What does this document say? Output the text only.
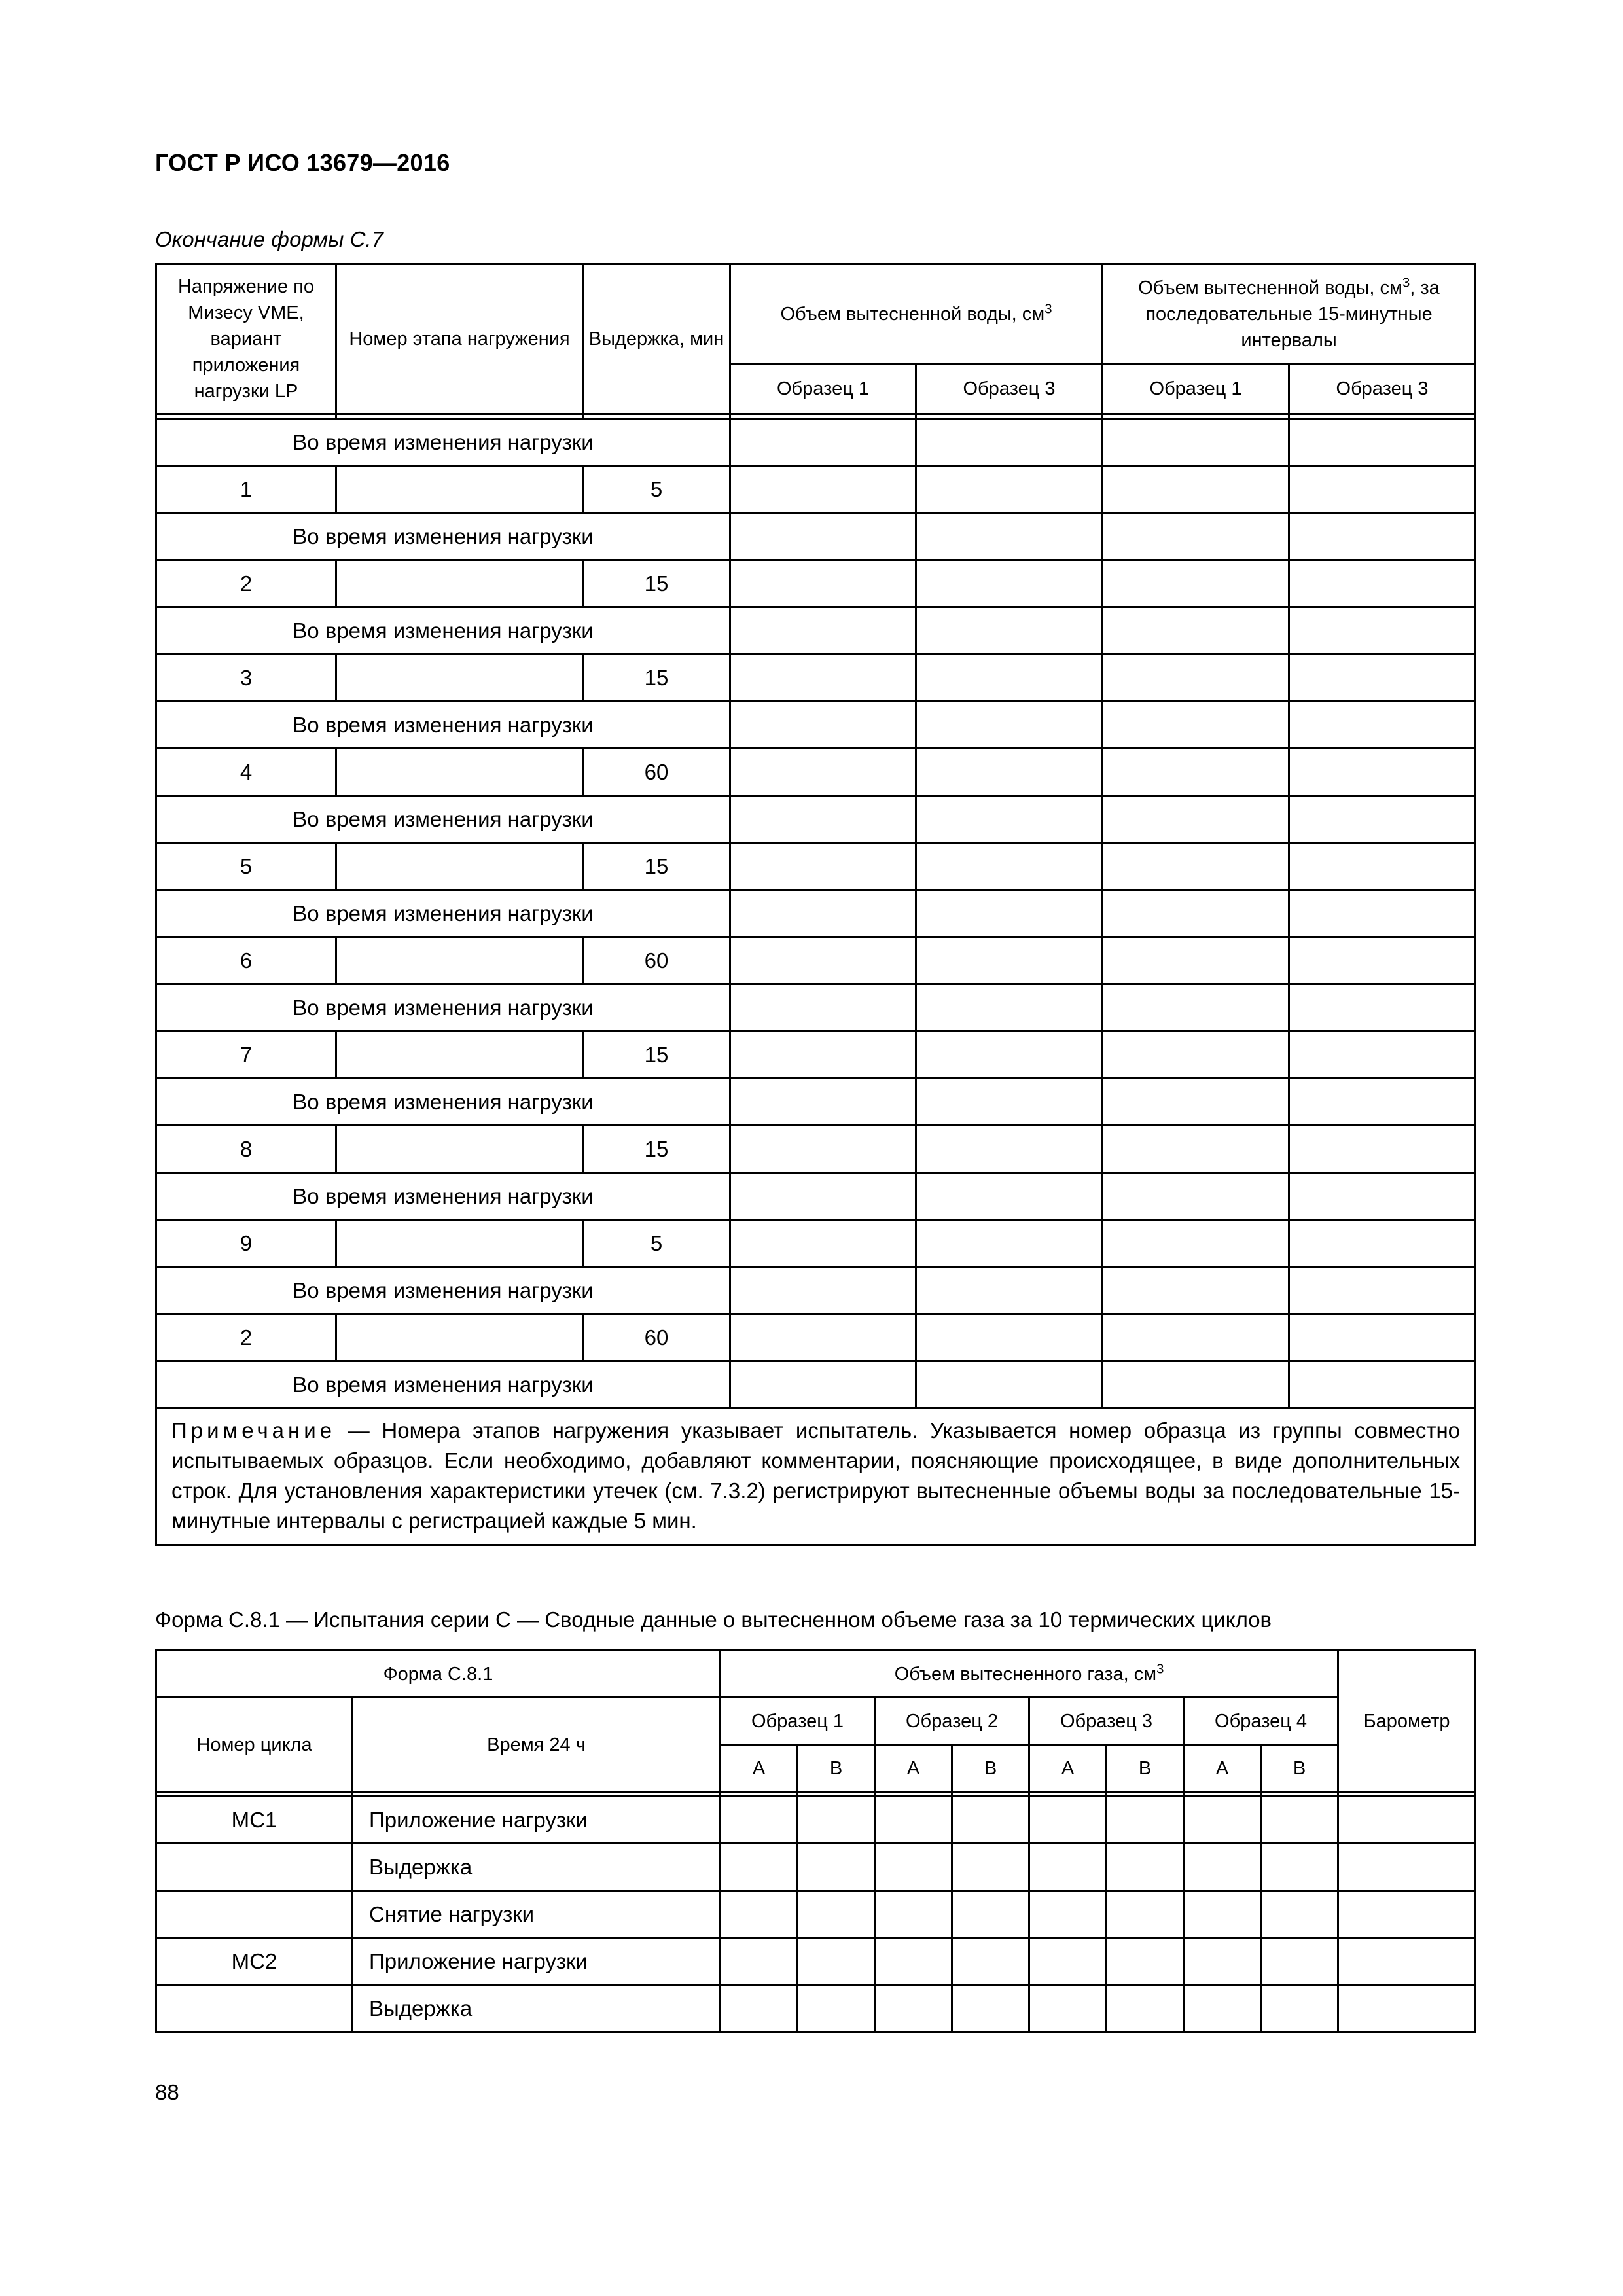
ГОСТ Р ИСО 13679—2016
Окончание формы С.7
Напряжение по Мизесу VME, вариант приложения нагрузки LP	Номер этапа нагружения	Выдержка, мин	Объем вытесненной воды, $см^3$		Объем вытесненной воды, $см^3$, за последовательные 15-минутные интервалы	
			Образец 1	Образец 3	Образец 1	Образец 3

Во время изменения нагрузки						
1		5				
Во время изменения нагрузки						
2		15				
Во время изменения нагрузки						
3		15				
Во время изменения нагрузки						
4		60				
Во время изменения нагрузки						
5		15				
Во время изменения нагрузки						
6		60				
Во время изменения нагрузки						
7		15				
Во время изменения нагрузки						
8		15				
Во время изменения нагрузки						
9		5				
Во время изменения нагрузки						
2		60				
Во время изменения нагрузки						
Примечание — Номера этапов нагружения указывает испытатель. Указывается номер образца из группы совместно испытываемых образцов. Если необходимо, добавляют комментарии, поясняющие происходящее, в виде дополнительных строк. Для установления характеристики утечек (см. 7.3.2) регистрируют вытесненные объемы воды за последовательные 15-минутные интервалы с регистрацией каждые 5 мин.						
Форма С.8.1 — Испытания серии С — Сводные данные о вытесненном объеме газа за 10 термических циклов
Форма С.8.1		Объем вытесненного газа, $см^3$								Барометр
Номер цикла	Время 24 ч	Образец 1		Образец 2		Образец 3		Образец 4		
		A	B	A	B	A	B	A	B	

МС1	Приложение нагрузки									
	Выдержка									
	Снятие нагрузки									
МС2	Приложение нагрузки									
	Выдержка									
88
